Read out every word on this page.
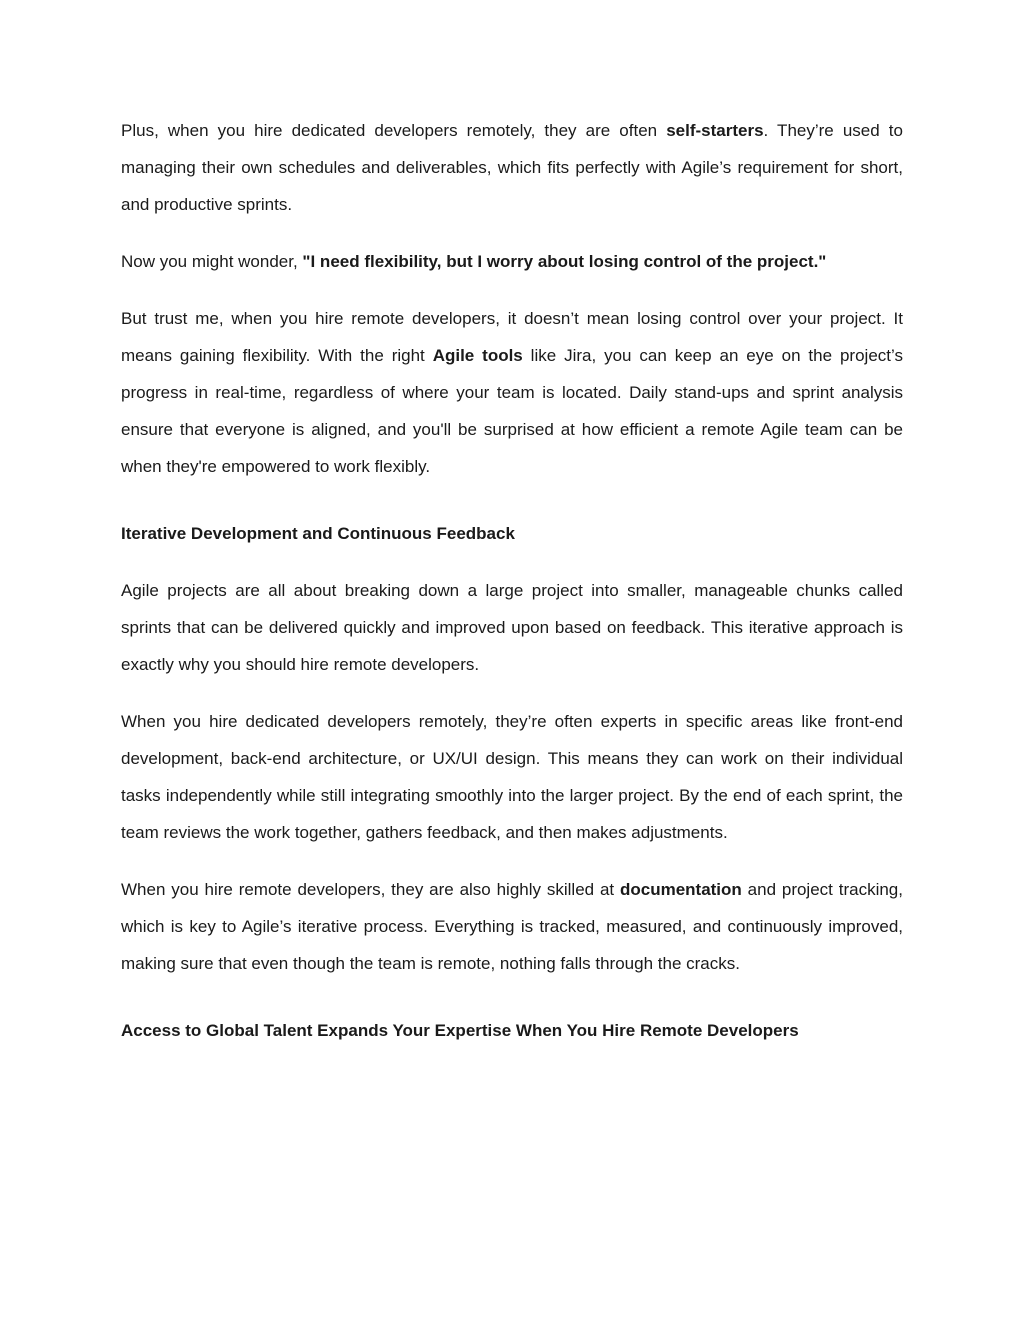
Plus, when you hire dedicated developers remotely, they are often self-starters. They’re used to managing their own schedules and deliverables, which fits perfectly with Agile’s requirement for short, and productive sprints.

Now you might wonder, "I need flexibility, but I worry about losing control of the project."

But trust me, when you hire remote developers, it doesn’t mean losing control over your project. It means gaining flexibility. With the right Agile tools like Jira, you can keep an eye on the project’s progress in real-time, regardless of where your team is located. Daily stand-ups and sprint analysis ensure that everyone is aligned, and you'll be surprised at how efficient a remote Agile team can be when they're empowered to work flexibly.

Iterative Development and Continuous Feedback

Agile projects are all about breaking down a large project into smaller, manageable chunks called sprints that can be delivered quickly and improved upon based on feedback. This iterative approach is exactly why you should hire remote developers.

When you hire dedicated developers remotely, they’re often experts in specific areas like front-end development, back-end architecture, or UX/UI design. This means they can work on their individual tasks independently while still integrating smoothly into the larger project. By the end of each sprint, the team reviews the work together, gathers feedback, and then makes adjustments.

When you hire remote developers, they are also highly skilled at documentation and project tracking, which is key to Agile’s iterative process. Everything is tracked, measured, and continuously improved, making sure that even though the team is remote, nothing falls through the cracks.

Access to Global Talent Expands Your Expertise When You Hire Remote Developers
